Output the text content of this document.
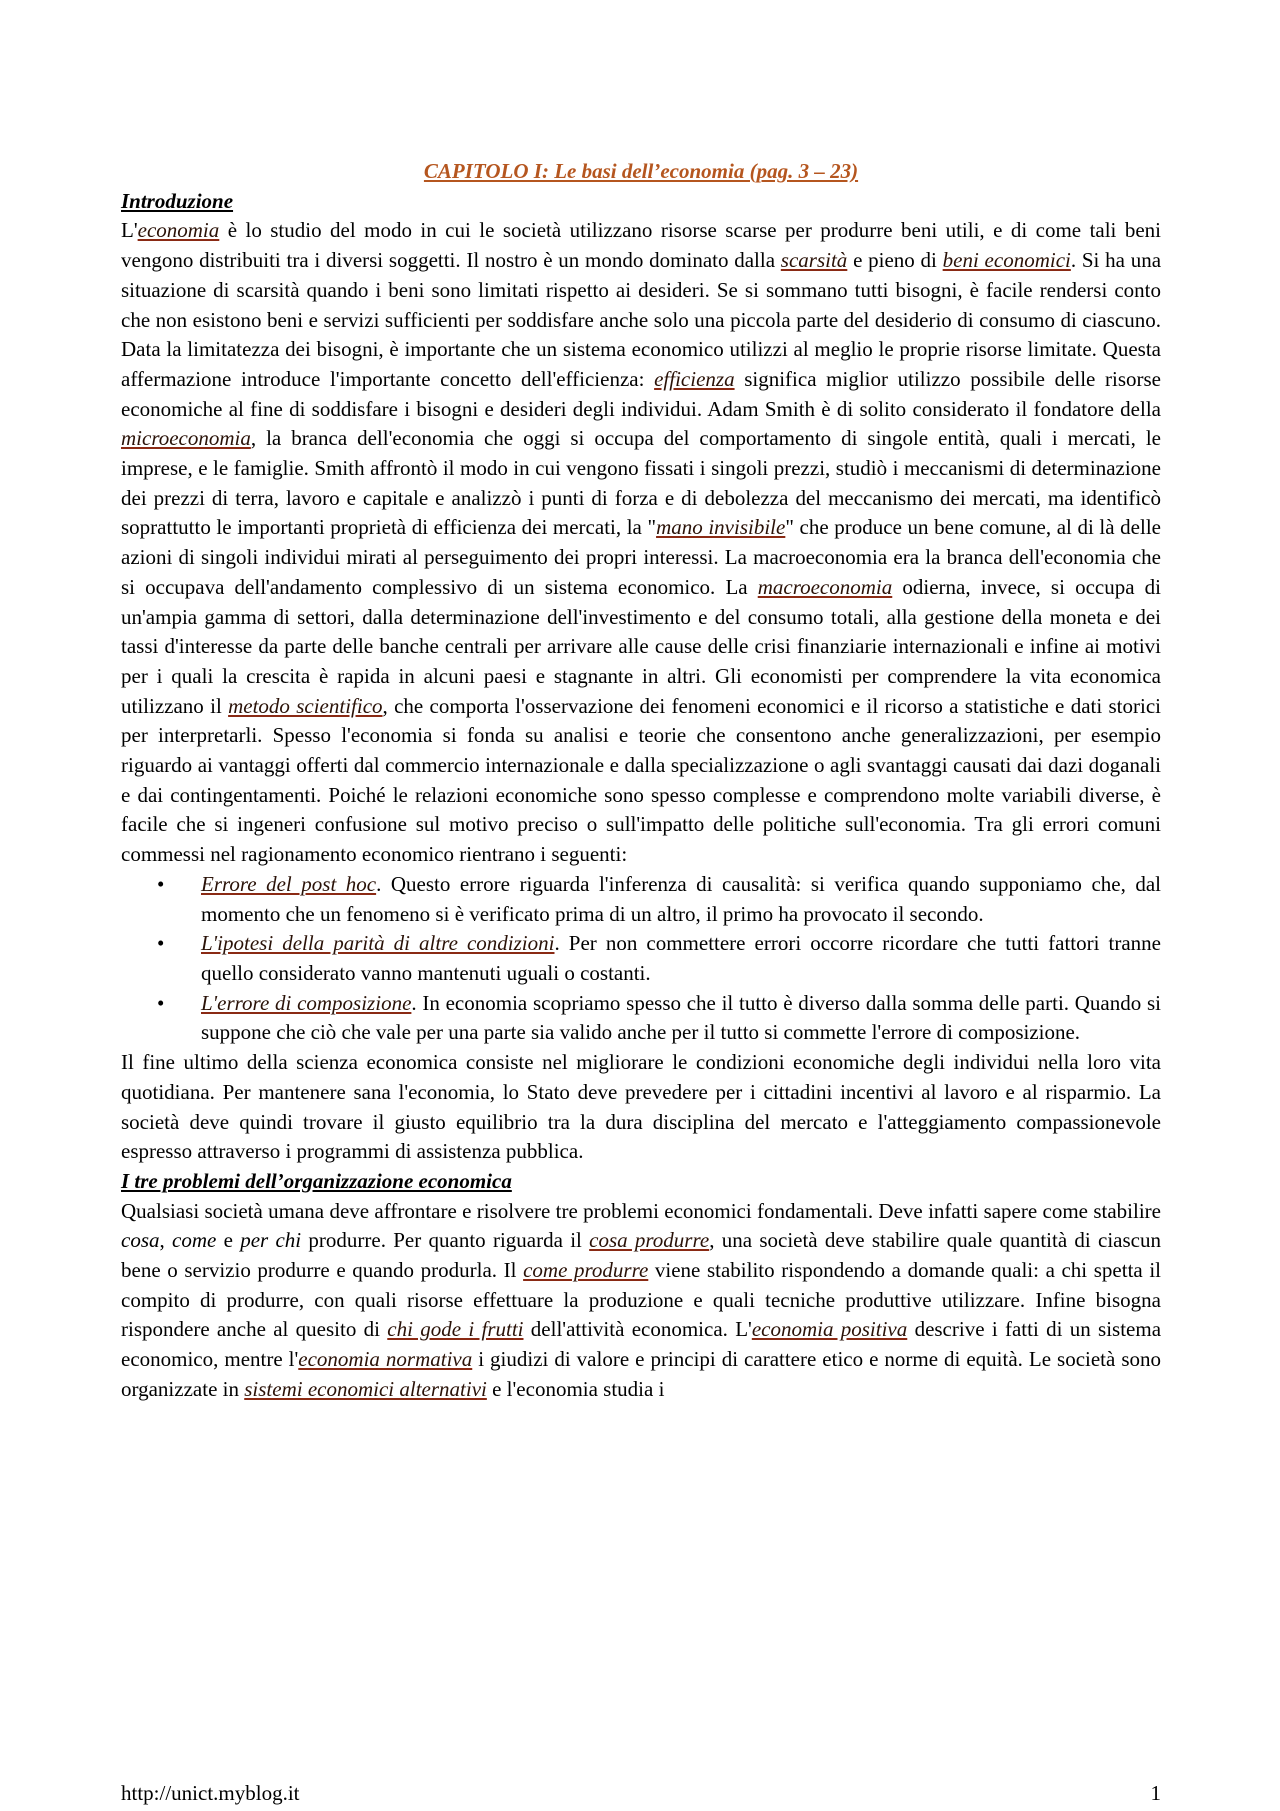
CAPITOLO I: Le basi dell’economia (pag. 3 – 23)
Introduzione

L'economia è lo studio del modo in cui le società utilizzano risorse scarse per produrre beni utili, e di come tali beni vengono distribuiti tra i diversi soggetti. Il nostro è un mondo dominato dalla scarsità e pieno di beni economici. Si ha una situazione di scarsità quando i beni sono limitati rispetto ai desideri. Se si sommano tutti bisogni, è facile rendersi conto che non esistono beni e servizi sufficienti per soddisfare anche solo una piccola parte del desiderio di consumo di ciascuno. Data la limitatezza dei bisogni, è importante che un sistema economico utilizzi al meglio le proprie risorse limitate. Questa affermazione introduce l'importante concetto dell'efficienza: efficienza significa miglior utilizzo possibile delle risorse economiche al fine di soddisfare i bisogni e desideri degli individui. Adam Smith è di solito considerato il fondatore della microeconomia, la branca dell'economia che oggi si occupa del comportamento di singole entità, quali i mercati, le imprese, e le famiglie. Smith affrontò il modo in cui vengono fissati i singoli prezzi, studiò i meccanismi di determinazione dei prezzi di terra, lavoro e capitale e analizzò i punti di forza e di debolezza del meccanismo dei mercati, ma identificò soprattutto le importanti proprietà di efficienza dei mercati, la "mano invisibile" che produce un bene comune, al di là delle azioni di singoli individui mirati al perseguimento dei propri interessi. La macroeconomia era la branca dell'economia che si occupava dell'andamento complessivo di un sistema economico. La macroeconomia odierna, invece, si occupa di un'ampia gamma di settori, dalla determinazione dell'investimento e del consumo totali, alla gestione della moneta e dei tassi d'interesse da parte delle banche centrali per arrivare alle cause delle crisi finanziarie internazionali e infine ai motivi per i quali la crescita è rapida in alcuni paesi e stagnante in altri. Gli economisti per comprendere la vita economica utilizzano il metodo scientifico, che comporta l'osservazione dei fenomeni economici e il ricorso a statistiche e dati storici per interpretarli. Spesso l'economia si fonda su analisi e teorie che consentono anche generalizzazioni, per esempio riguardo ai vantaggi offerti dal commercio internazionale e dalla specializzazione o agli svantaggi causati dai dazi doganali e dai contingentamenti. Poiché le relazioni economiche sono spesso complesse e comprendono molte variabili diverse, è facile che si ingeneri confusione sul motivo preciso o sull'impatto delle politiche sull'economia. Tra gli errori comuni commessi nel ragionamento economico rientrano i seguenti:

• Errore del post hoc. Questo errore riguarda l'inferenza di causalità: si verifica quando supponiamo che, dal momento che un fenomeno si è verificato prima di un altro, il primo ha provocato il secondo.
• L'ipotesi della parità di altre condizioni. Per non commettere errori occorre ricordare che tutti fattori tranne quello considerato vanno mantenuti uguali o costanti.
• L'errore di composizione. In economia scopriamo spesso che il tutto è diverso dalla somma delle parti. Quando si suppone che ciò che vale per una parte sia valido anche per il tutto si commette l'errore di composizione.

Il fine ultimo della scienza economica consiste nel migliorare le condizioni economiche degli individui nella loro vita quotidiana. Per mantenere sana l'economia, lo Stato deve prevedere per i cittadini incentivi al lavoro e al risparmio. La società deve quindi trovare il giusto equilibrio tra la dura disciplina del mercato e l'atteggiamento compassionevole espresso attraverso i programmi di assistenza pubblica.

I tre problemi dell’organizzazione economica

Qualsiasi società umana deve affrontare e risolvere tre problemi economici fondamentali. Deve infatti sapere come stabilire cosa, come e per chi produrre. Per quanto riguarda il cosa produrre, una società deve stabilire quale quantità di ciascun bene o servizio produrre e quando produrla. Il come produrre viene stabilito rispondendo a domande quali: a chi spetta il compito di produrre, con quali risorse effettuare la produzione e quali tecniche produttive utilizzare. Infine bisogna rispondere anche al quesito di chi gode i frutti dell'attività economica. L'economia positiva descrive i fatti di un sistema economico, mentre l'economia normativa i giudizi di valore e principi di carattere etico e norme di equità. Le società sono organizzate in sistemi economici alternativi e l'economia studia i

http://unict.myblog.it	1
